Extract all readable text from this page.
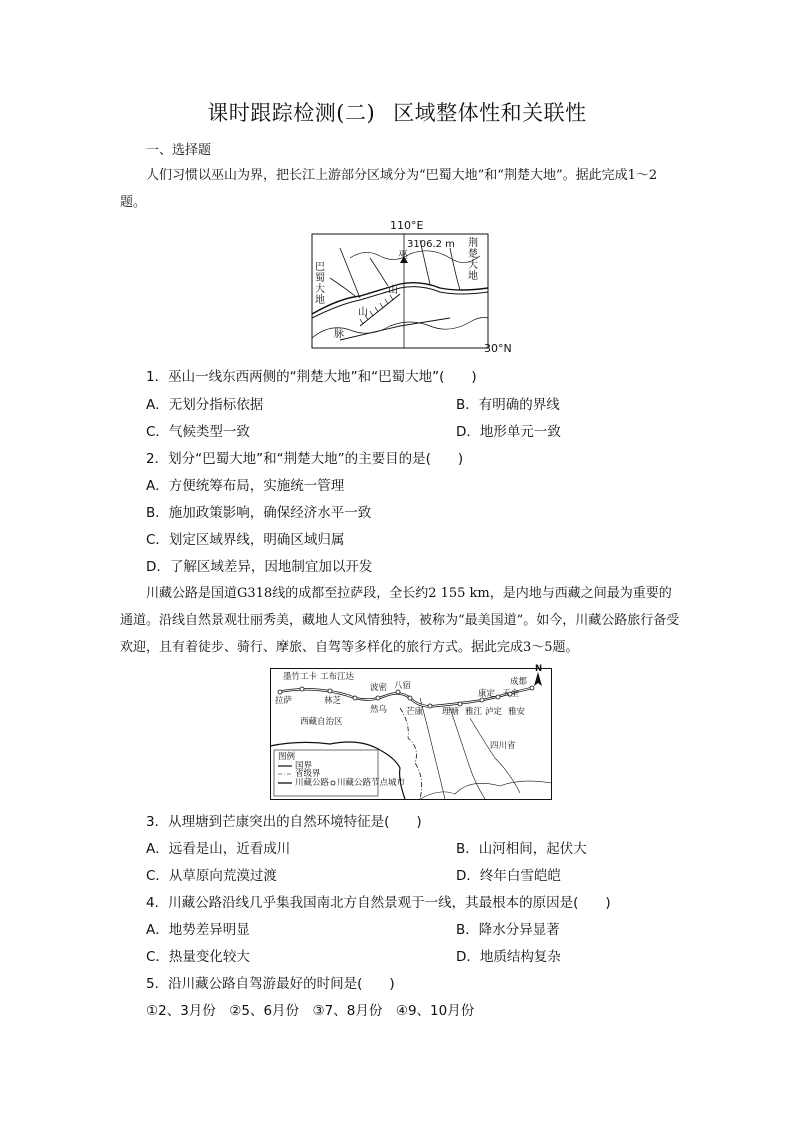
课时跟踪检测(二) 区域整体性和关联性
一、选择题
人们习惯以巫山为界，把长江上游部分区域分为“巴蜀大地”和“荆楚大地”。据此完成1～2题。
110°E
3106.2 m
巫
山
山
脉
巴蜀大地
荆楚大地
30°N
1．巫山一线东西两侧的“荆楚大地”和“巴蜀大地”(　　)
A．无划分指标依据	B．有明确的界线
C．气候类型一致	D．地形单元一致
2．划分“巴蜀大地”和“荆楚大地”的主要目的是(　　)
A．方便统筹布局，实施统一管理
B．施加政策影响，确保经济水平一致
C．划定区域界线，明确区域归属
D．了解区域差异，因地制宜加以开发
川藏公路是国道G318线的成都至拉萨段，全长约2 155 km，是内地与西藏之间最为重要的通道。沿线自然景观壮丽秀美，藏地人文风情独特，被称为“最美国道”。如今，川藏公路旅行备受欢迎，且有着徒步、骑行、摩旅、自驾等多样化的旅行方式。据此完成3～5题。
墨竹工卡 工布江达
拉萨	林芝
波密 八宿
然乌 芒康 理塘 雅江
康定
泸定
天全
雅安
成都
西藏自治区
四川省
N
图例
国界
省级界
川藏公路 川藏公路节点城市
3．从理塘到芒康突出的自然环境特征是(　　)
A．远看是山，近看成川	B．山河相间，起伏大
C．从草原向荒漠过渡	D．终年白雪皑皑
4．川藏公路沿线几乎集我国南北方自然景观于一线，其最根本的原因是(　　)
A．地势差异明显	B．降水分异显著
C．热量变化较大	D．地质结构复杂
5．沿川藏公路自驾游最好的时间是(　　)
①2、3月份　②5、6月份　③7、8月份　④9、10月份
